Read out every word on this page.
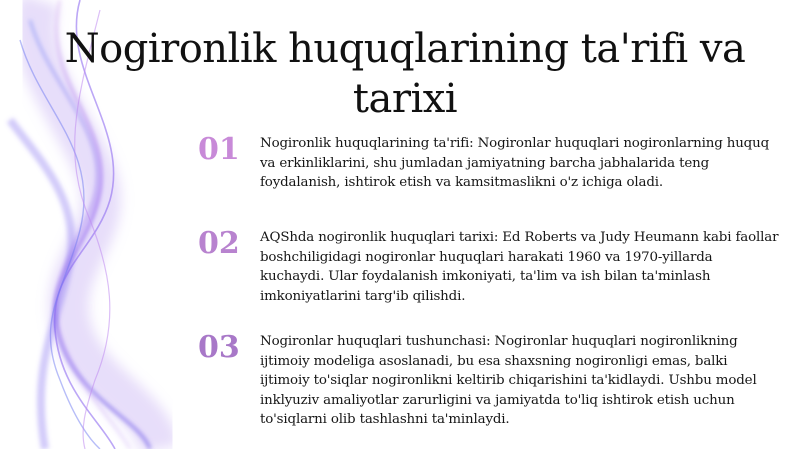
Nogironlik huquqlarining ta'rifi va tarixi
01	Nogironlik huquqlarining ta'rifi: Nogironlar huquqlari nogironlarning huquq va erkinliklarini, shu jumladan jamiyatning barcha jabhalarida teng foydalanish, ishtirok etish va kamsitmaslikni o'z ichiga oladi.
02	AQShda nogironlik huquqlari tarixi: Ed Roberts va Judy Heumann kabi faollar boshchiligidagi nogironlar huquqlari harakati 1960 va 1970-yillarda kuchaydi. Ular foydalanish imkoniyati, ta'lim va ish bilan ta'minlash imkoniyatlarini targ'ib qilishdi.
03	Nogironlar huquqlari tushunchasi: Nogironlar huquqlari nogironlikning ijtimoiy modeliga asoslanadi, bu esa shaxsning nogironligi emas, balki ijtimoiy to'siqlar nogironlikni keltirib chiqarishini ta'kidlaydi. Ushbu model inklyuziv amaliyotlar zarurligini va jamiyatda to'liq ishtirok etish uchun to'siqlarni olib tashlashni ta'minlaydi.
